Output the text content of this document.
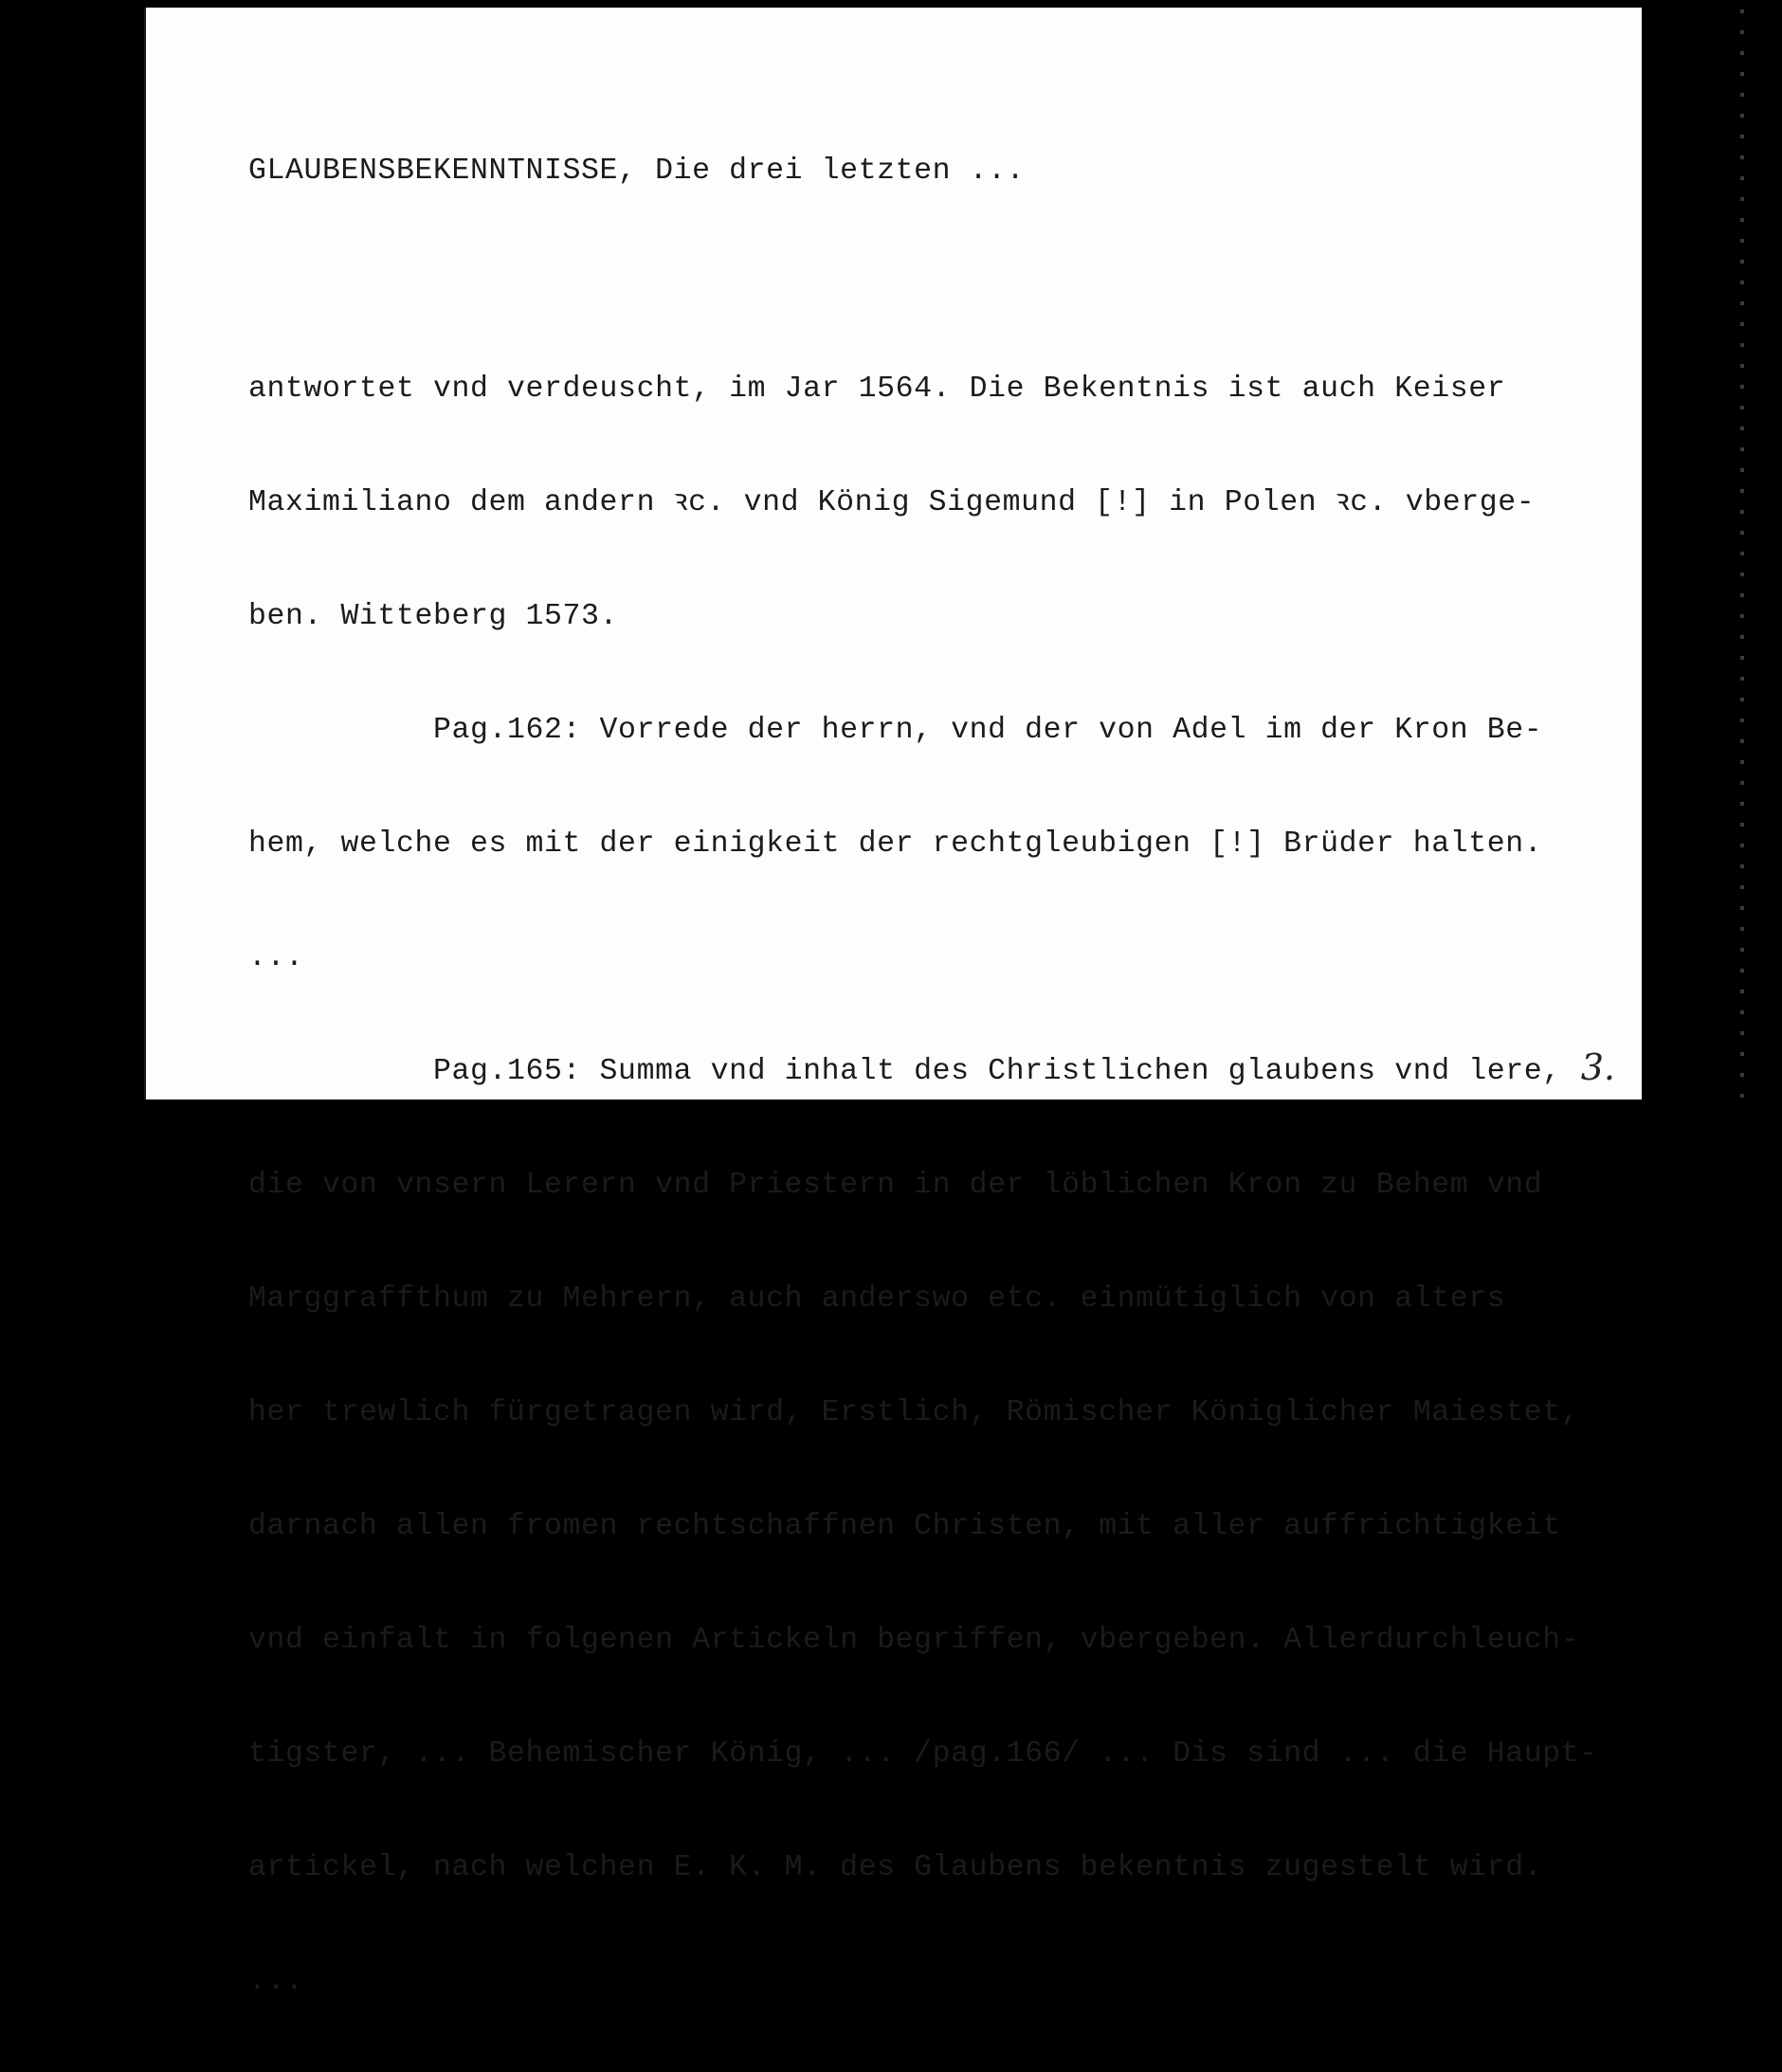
GLAUBENSBEKENNTNISSE, Die drei letzten ...

antwortet vnd verdeuscht, im Jar 1564. Die Bekentnis ist auch Keiser

Maximiliano dem andern ꝛc. vnd König Sigemund [!] in Polen ꝛc. vberge-

ben. Witteberg 1573.

Pag.162: Vorrede der herrn, vnd der von Adel im der Kron Be-

hem, welche es mit der einigkeit der rechtgleubigen [!] Brüder halten.

...

Pag.165: Summa vnd inhalt des Christlichen glaubens vnd lere,

die von vnsern Lerern vnd Priestern in der löblichen Kron zu Behem vnd

Marggraffthum zu Mehrern, auch anderswo etc. einmütiglich von alters

her trewlich fürgetragen wird, Erstlich, Römischer Königlicher Maiestet,

darnach allen fromen rechtschaffnen Christen, mit aller auffrichtigkeit

vnd einfalt in folgenen Artickeln begriffen, vbergeben. Allerdurchleuch-

tigster, ... Behemischer König, ... /pag.166/ ... Dis sind ... die Haupt-

artickel, nach welchen E. K. M. des Glaubens bekentnis zugestelt wird.

...

3.
